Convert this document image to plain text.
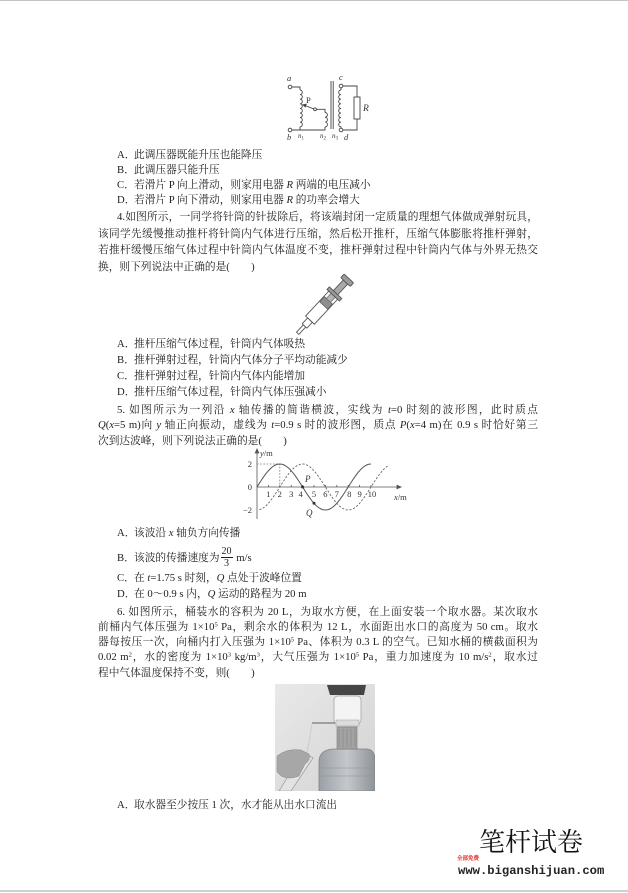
a
b
c
d
R
P
$n_1$ $n_2$ $n_3$
A．此调压器既能升压也能降压
B．此调压器只能升压
C．若滑片 P 向上滑动，则家用电器 R 两端的电压减小
D．若滑片 P 向下滑动，则家用电器 R 的功率会增大
4.如图所示，一同学将针筒的针拔除后，将该端封闭一定质量的理想气体做成弹射玩具，
该同学先缓慢推动推杆将针筒内气体进行压缩，然后松开推杆，压缩气体膨胀将推杆弹射，
若推杆缓慢压缩气体过程中针筒内气体温度不变，推杆弹射过程中针筒内气体与外界无热交
换，则下列说法中正确的是(　　)
A．推杆压缩气体过程，针筒内气体吸热
B．推杆弹射过程，针筒内气体分子平均动能减少
C．推杆弹射过程，针筒内气体内能增加
D．推杆压缩气体过程，针筒内气体压强减小
5. 如图所示为一列沿 x 轴传播的简谐横波，实线为 t=0 时刻的波形图，此时质点
Q(x=5 m)向 y 轴正向振动，虚线为 t=0.9 s 时的波形图，质点 P(x=4 m)在 0.9 s 时恰好第三
次到达波峰，则下列说法正确的是(　　)
P
Q
y/m
x/m
1 2 3 4 5 6 7 8 9 10
2
0
−2
A．该波沿 x 轴负方向传播
B．该波的传播速度为 $\frac{20}{3} m/s$
C．在 t=1.75 s 时刻，Q 点处于波峰位置
D．在 0～0.9 s 内，Q 运动的路程为 20 m
6. 如图所示，桶装水的容积为 20 L，为取水方便，在上面安装一个取水器。某次取水
前桶内气体压强为 $1\times 10^5$ Pa，剩余水的体积为 12 L，水面距出水口的高度为 50 cm。取水
器每按压一次，向桶内打入压强为 $1\times 10^5$ Pa、体积为 0.3 L 的空气。已知水桶的横截面积为
0.02 $m^2$，水的密度为 $1\times 10^3$ $kg/m^3$，大气压强为 $1\times 10^5$ Pa，重力加速度为 10 $m/s^2$，取水过
程中气体温度保持不变，则(　　)
A．取水器至少按压 1 次，水才能从出水口流出
笔杆试卷
全部免费
www.biganshijuan.com
